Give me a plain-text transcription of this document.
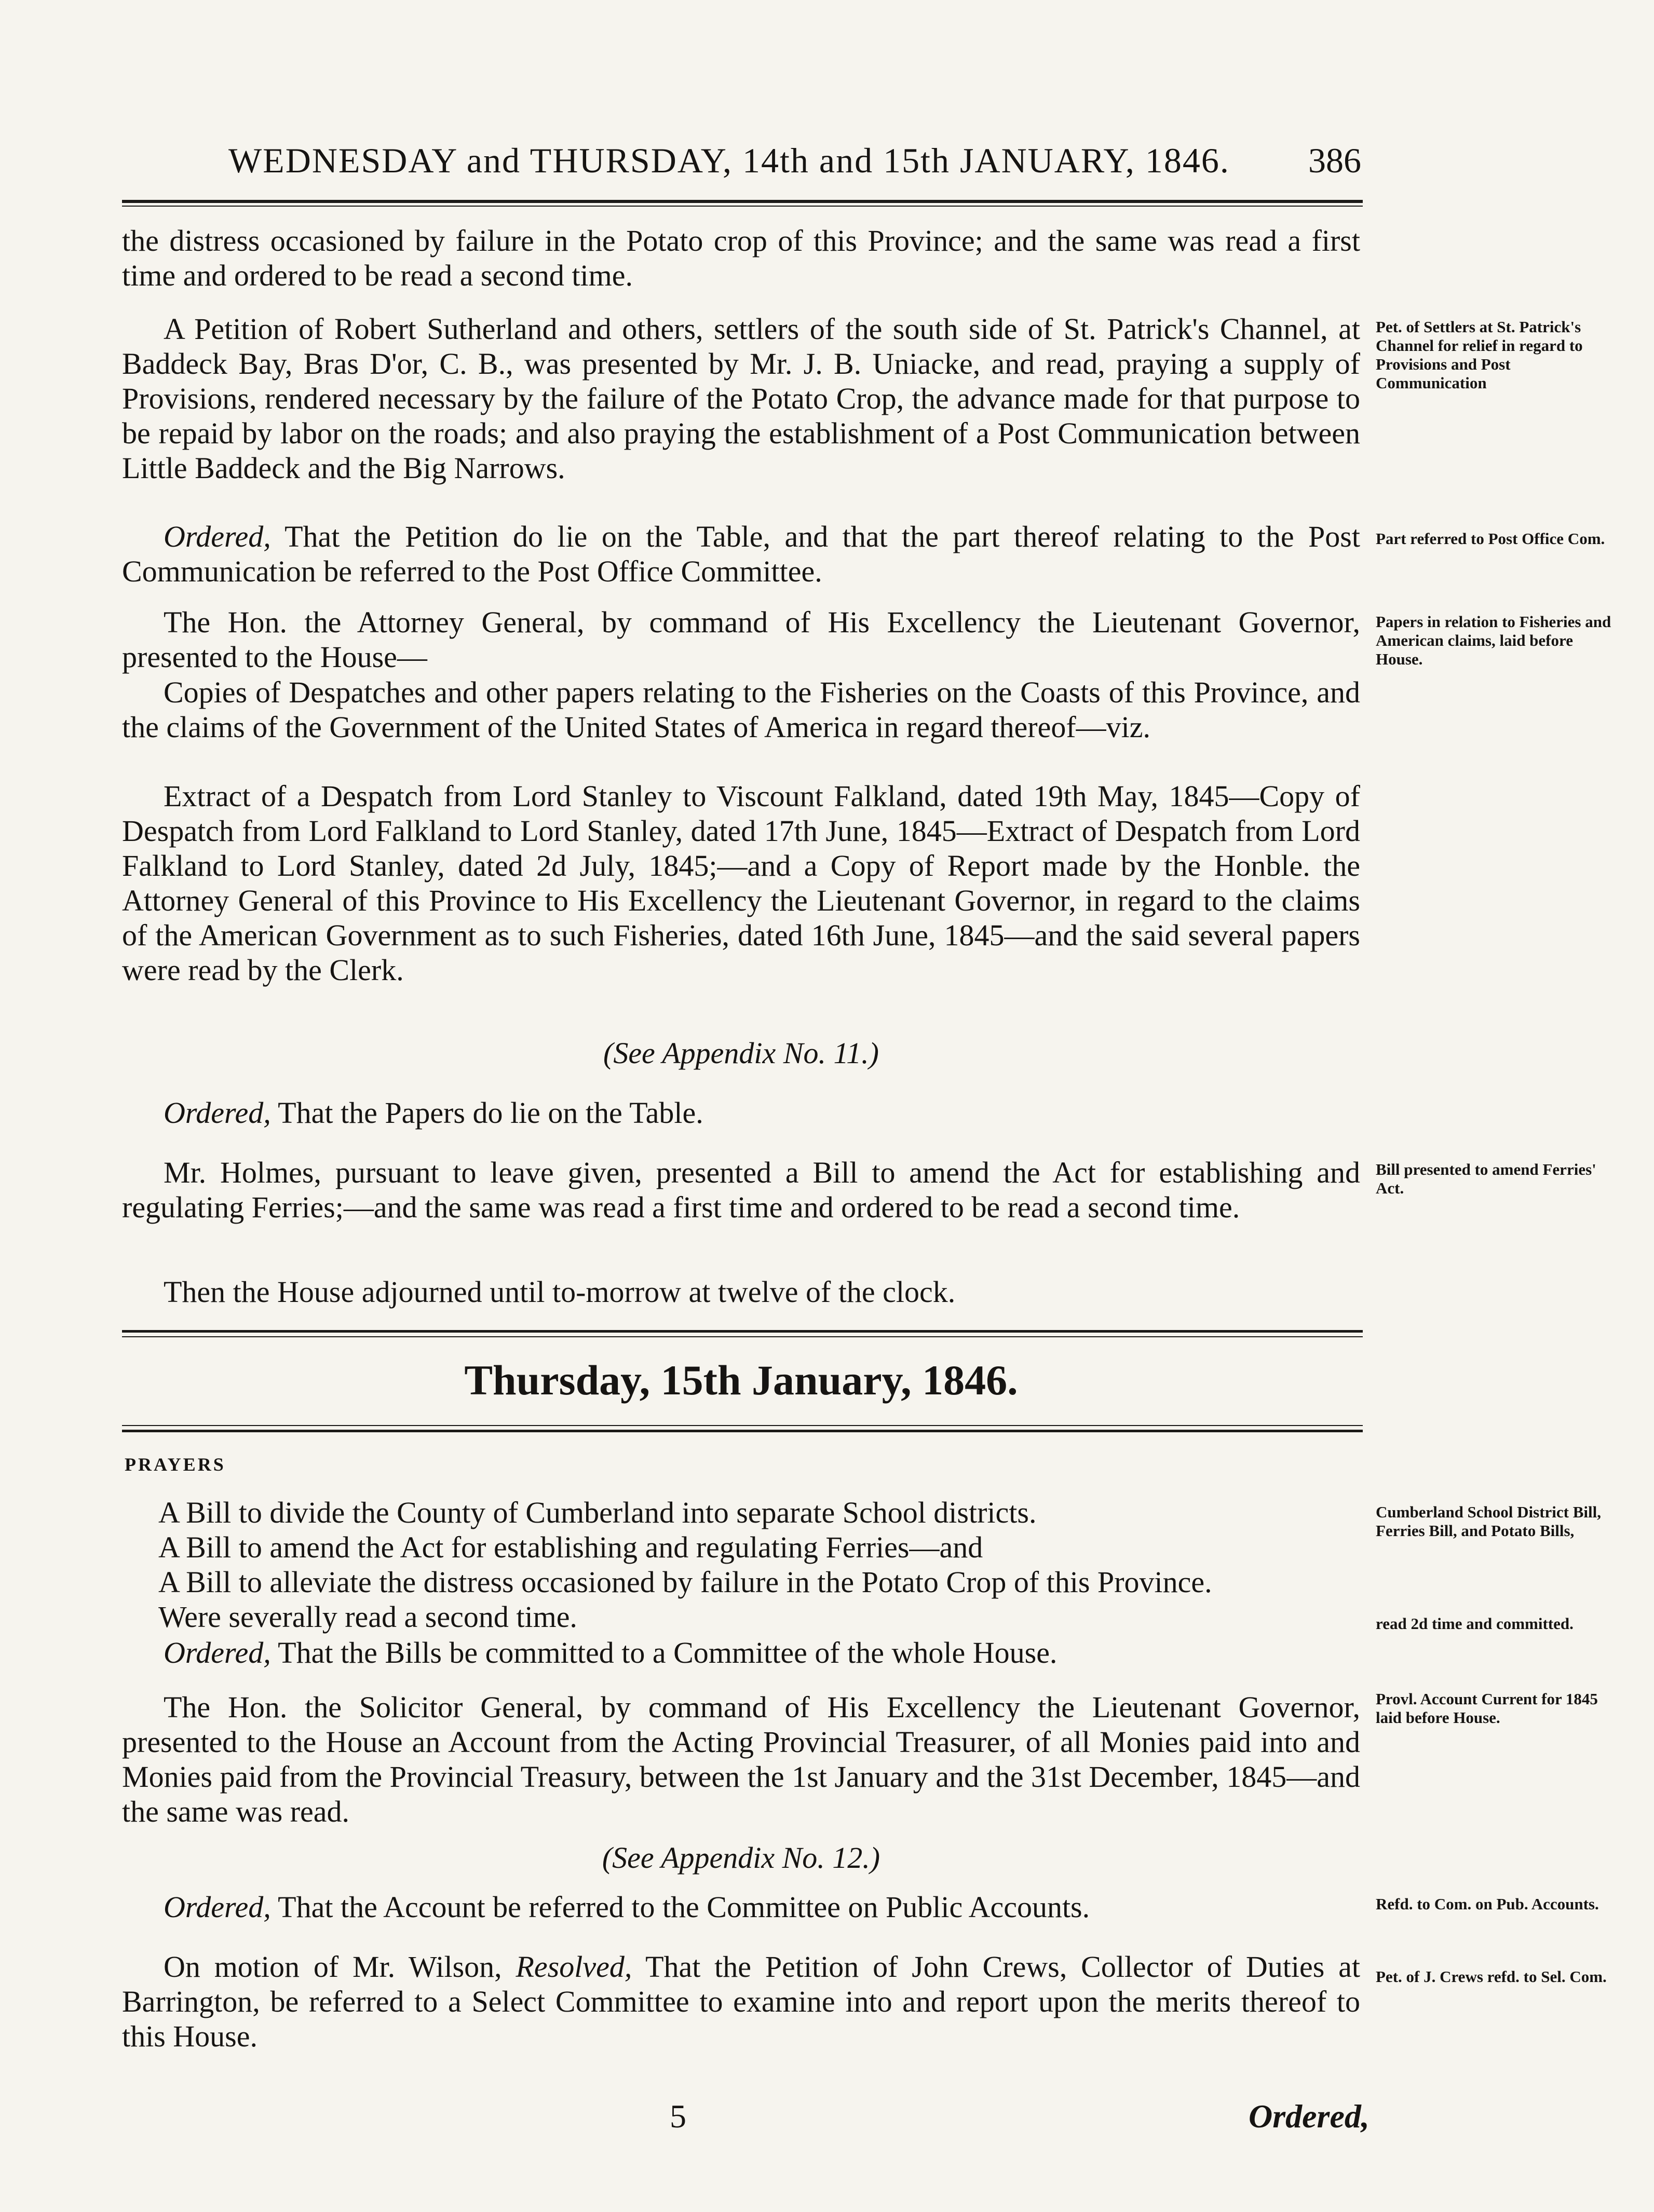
WEDNESDAY and THURSDAY, 14th and 15th JANUARY, 1846. 386

the distress occasioned by failure in the Potato crop of this Province; and the same was read a first time and ordered to be read a second time.

A Petition of Robert Sutherland and others, settlers of the south side of St. Patrick's Channel, at Baddeck Bay, Bras D'or, C. B., was presented by Mr. J. B. Uniacke, and read, praying a supply of Provisions, rendered necessary by the failure of the Potato Crop, the advance made for that purpose to be repaid by labor on the roads; and also praying the establishment of a Post Communication between Little Baddeck and the Big Narrows.

Ordered, That the Petition do lie on the Table, and that the part thereof relating to the Post Communication be referred to the Post Office Committee.

The Hon. the Attorney General, by command of His Excellency the Lieutenant Governor, presented to the House—

Copies of Despatches and other papers relating to the Fisheries on the Coasts of this Province, and the claims of the Government of the United States of America in regard thereof—viz.

Extract of a Despatch from Lord Stanley to Viscount Falkland, dated 19th May, 1845—Copy of Despatch from Lord Falkland to Lord Stanley, dated 17th June, 1845—Extract of Despatch from Lord Falkland to Lord Stanley, dated 2d July, 1845;—and a Copy of Report made by the Honble. the Attorney General of this Province to His Excellency the Lieutenant Governor, in regard to the claims of the American Government as to such Fisheries, dated 16th June, 1845—and the said several papers were read by the Clerk.

(See Appendix No. 11.)

Ordered, That the Papers do lie on the Table.

Mr. Holmes, pursuant to leave given, presented a Bill to amend the Act for establishing and regulating Ferries;—and the same was read a first time and ordered to be read a second time.

Then the House adjourned until to-morrow at twelve of the clock.

Thursday, 15th January, 1846.
PRAYERS
A Bill to divide the County of Cumberland into separate School districts.
A Bill to amend the Act for establishing and regulating Ferries—and
A Bill to alleviate the distress occasioned by failure in the Potato Crop of this Province.
Were severally read a second time.

Ordered, That the Bills be committed to a Committee of the whole House.

The Hon. the Solicitor General, by command of His Excellency the Lieutenant Governor, presented to the House an Account from the Acting Provincial Treasurer, of all Monies paid into and Monies paid from the Provincial Treasury, between the 1st January and the 31st December, 1845—and the same was read.

(See Appendix No. 12.)

Ordered, That the Account be referred to the Committee on Public Accounts.

On motion of Mr. Wilson, Resolved, That the Petition of John Crews, Collector of Duties at Barrington, be referred to a Select Committee to examine into and report upon the merits thereof to this House.

5	Ordered,

Pet. of Settlers at St. Patrick's Channel for relief in regard to Provisions and Post Communication

Part referred to Post Office Com.

Papers in relation to Fisheries and American claims, laid before House.

Bill presented to amend Ferries' Act.

Cumberland School District Bill, Ferries Bill, and Potato Bills,

read 2d time and committed.

Provl. Account Current for 1845 laid before House.

Refd. to Com. on Pub. Accounts.

Pet. of J. Crews refd. to Sel. Com.
